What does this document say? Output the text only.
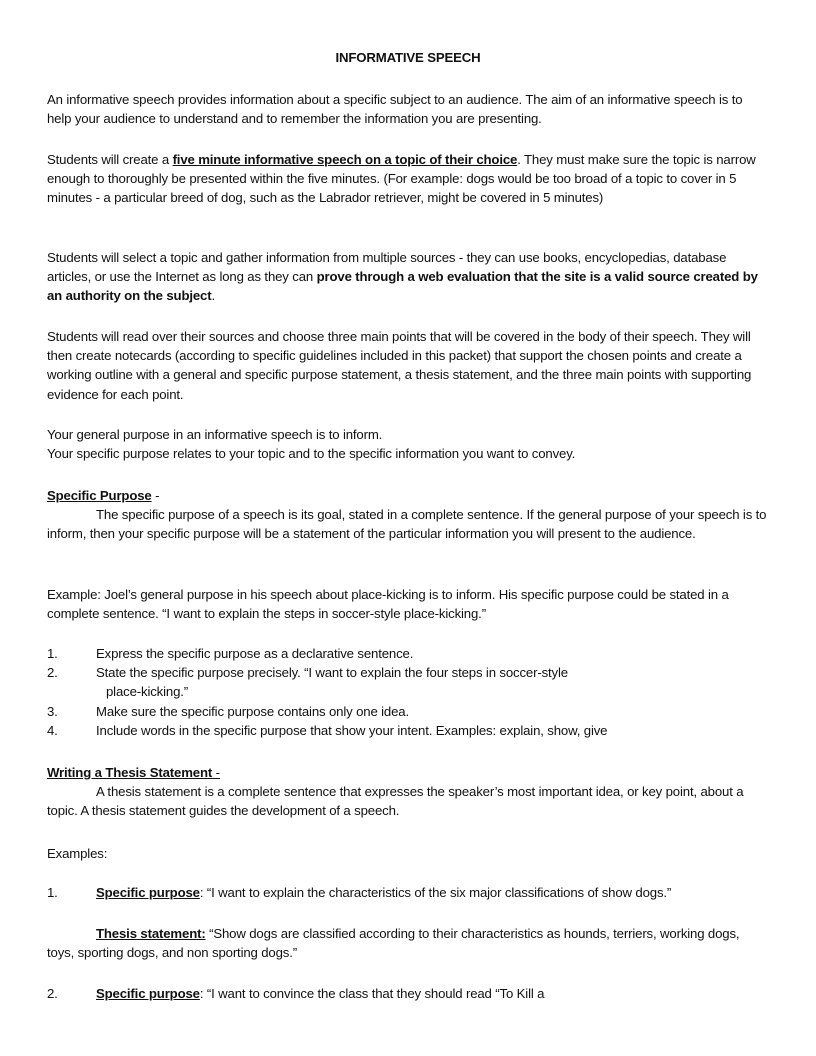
INFORMATIVE SPEECH

An informative speech provides information about a specific subject to an audience. The aim of an informative speech is to help your audience to understand and to remember the information you are presenting.

Students will create a five minute informative speech on a topic of their choice. They must make sure the topic is narrow enough to thoroughly be presented within the five minutes. (For example: dogs would be too broad of a topic to cover in 5 minutes - a particular breed of dog, such as the Labrador retriever, might be covered in 5 minutes)

Students will select a topic and gather information from multiple sources - they can use books, encyclopedias, database articles, or use the Internet as long as they can prove through a web evaluation that the site is a valid source created by an authority on the subject.

Students will read over their sources and choose three main points that will be covered in the body of their speech. They will then create notecards (according to specific guidelines included in this packet) that support the chosen points and create a working outline with a general and specific purpose statement, a thesis statement, and the three main points with supporting evidence for each point.

Your general purpose in an informative speech is to inform.
Your specific purpose relates to your topic and to the specific information you want to convey.
Specific Purpose -
The specific purpose of a speech is its goal, stated in a complete sentence. If the general purpose of your speech is to inform, then your specific purpose will be a statement of the particular information you will present to the audience.

Example: Joel’s general purpose in his speech about place-kicking is to inform. His specific purpose could be stated in a complete sentence. “I want to explain the steps in soccer-style place-kicking.”

1.	Express the specific purpose as a declarative sentence.
2.	State the specific purpose precisely. “I want to explain the four steps in soccer-style
place-kicking.”
3.	Make sure the specific purpose contains only one idea.
4.	Include words in the specific purpose that show your intent. Examples: explain, show, give
Writing a Thesis Statement -
A thesis statement is a complete sentence that expresses the speaker’s most important idea, or key point, about a topic. A thesis statement guides the development of a speech.

Examples:

1.	Specific purpose: “I want to explain the characteristics of the six major classifications of show dogs.”

Thesis statement: “Show dogs are classified according to their characteristics as hounds, terriers, working dogs, toys, sporting dogs, and non sporting dogs.”

2.	Specific purpose: “I want to convince the class that they should read “To Kill a
